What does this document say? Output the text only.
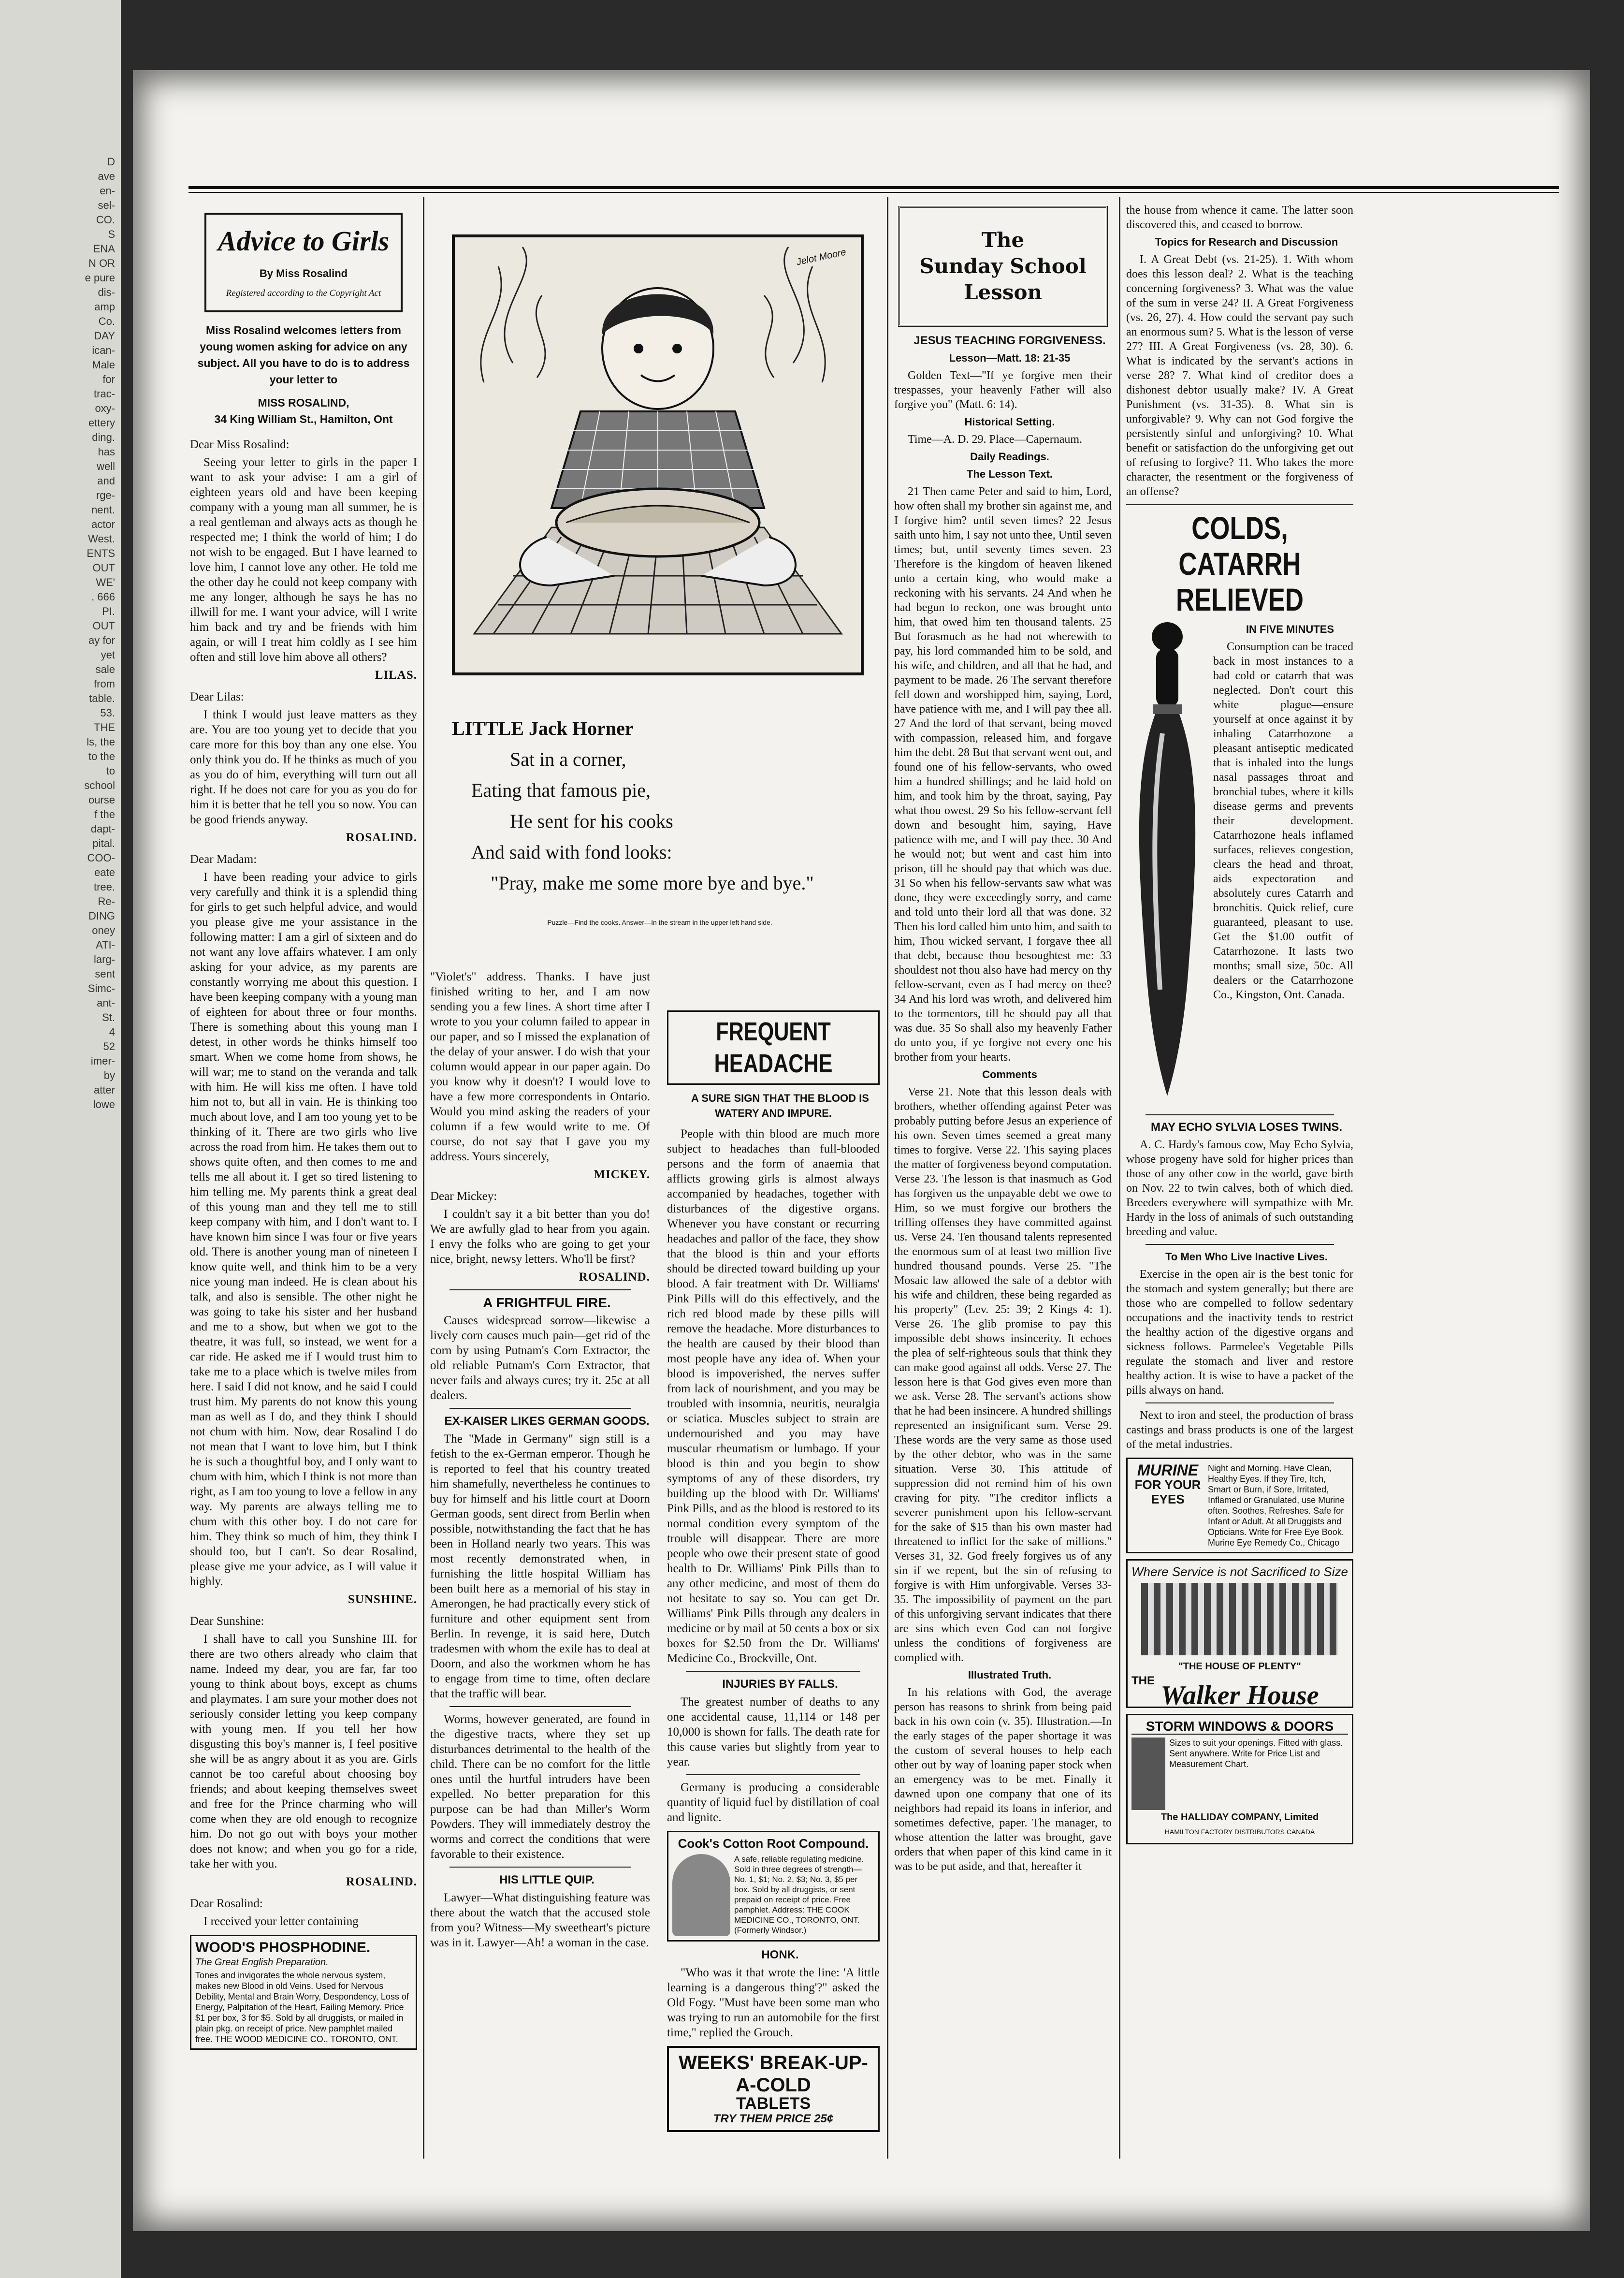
D
ave
en-
sel-
CO.
S
ENA
N OR
e pure
dis-
amp
Co.
DAY
ican-
Male
for
trac-
oxy-
ettery
ding.
has
well
and
rge-
nent.
actor
West.
ENTS
OUT
WE'
. 666
PI.
OUT
ay for
yet
sale
from
table.
53.
THE
ls, the
to the
to
school
ourse
f the
dapt-
pital.
COO-
eate
tree.
Re-
DING
oney
ATI-
larg-
sent
Simc-
ant-
St.
4
52
imer-
by
atter
lowe
Advice to Girls
By Miss Rosalind
Registered according to the Copyright Act
Miss Rosalind welcomes letters from young women asking for advice on any subject. All you have to do is to address your letter to
MISS ROSALIND,
34 King William St., Hamilton, Ont

Dear Miss Rosalind:

Seeing your letter to girls in the paper I want to ask your advise: I am a girl of eighteen years old and have been keeping company with a young man all summer, he is a real gentleman and always acts as though he respected me; I think the world of him; I do not wish to be engaged. But I have learned to love him, I cannot love any other. He told me the other day he could not keep company with me any longer, although he says he has no illwill for me. I want your advice, will I write him back and try and be friends with him again, or will I treat him coldly as I see him often and still love him above all others?

LILAS.

Dear Lilas:

I think I would just leave matters as they are. You are too young yet to decide that you care more for this boy than any one else. You only think you do. If he thinks as much of you as you do of him, everything will turn out all right. If he does not care for you as you do for him it is better that he tell you so now. You can be good friends anyway.

ROSALIND.

Dear Madam:

I have been reading your advice to girls very carefully and think it is a splendid thing for girls to get such helpful advice, and would you please give me your assistance in the following matter: I am a girl of sixteen and do not want any love affairs whatever. I am only asking for your advice, as my parents are constantly worrying me about this question. I have been keeping company with a young man of eighteen for about three or four months. There is something about this young man I detest, in other words he thinks himself too smart. When we come home from shows, he will war; me to stand on the veranda and talk with him. He will kiss me often. I have told him not to, but all in vain. He is thinking too much about love, and I am too young yet to be thinking of it. There are two girls who live across the road from him. He takes them out to shows quite often, and then comes to me and tells me all about it. I get so tired listening to him telling me. My parents think a great deal of this young man and they tell me to still keep company with him, and I don't want to. I have known him since I was four or five years old. There is another young man of nineteen I know quite well, and think him to be a very nice young man indeed. He is clean about his talk, and also is sensible. The other night he was going to take his sister and her husband and me to a show, but when we got to the theatre, it was full, so instead, we went for a car ride. He asked me if I would trust him to take me to a place which is twelve miles from here. I said I did not know, and he said I could trust him. My parents do not know this young man as well as I do, and they think I should not chum with him. Now, dear Rosalind I do not mean that I want to love him, but I think he is such a thoughtful boy, and I only want to chum with him, which I think is not more than right, as I am too young to love a fellow in any way. My parents are always telling me to chum with this other boy. I do not care for him. They think so much of him, they think I should too, but I can't. So dear Rosalind, please give me your advice, as I will value it highly.

SUNSHINE.

Dear Sunshine:

I shall have to call you Sunshine III. for there are two others already who claim that name. Indeed my dear, you are far, far too young to think about boys, except as chums and playmates. I am sure your mother does not seriously consider letting you keep company with young men. If you tell her how disgusting this boy's manner is, I feel positive she will be as angry about it as you are. Girls cannot be too careful about choosing boy friends; and about keeping themselves sweet and free for the Prince charming who will come when they are old enough to recognize him. Do not go out with boys your mother does not know; and when you go for a ride, take her with you.

ROSALIND.

Dear Rosalind:

I received your letter containing

WOOD'S PHOSPHODINE.
The Great English Preparation.
Tones and invigorates the whole nervous system, makes new Blood in old Veins. Used for Nervous Debility, Mental and Brain Worry, Despondency, Loss of Energy, Palpitation of the Heart, Failing Memory. Price $1 per box, 3 for $5. Sold by all druggists, or mailed in plain pkg. on receipt of price. New pamphlet mailed free. THE WOOD MEDICINE CO., TORONTO, ONT.
Jelot Moore
LITTLE Jack Horner
Sat in a corner,
Eating that famous pie,
He sent for his cooks
And said with fond looks:
"Pray, make me some more bye and bye."
Puzzle—Find the cooks. Answer—In the stream in the upper left hand side.

"Violet's" address. Thanks. I have just finished writing to her, and I am now sending you a few lines. A short time after I wrote to you your column failed to appear in our paper, and so I missed the explanation of the delay of your answer. I do wish that your column would appear in our paper again. Do you know why it doesn't? I would love to have a few more correspondents in Ontario. Would you mind asking the readers of your column if a few would write to me. Of course, do not say that I gave you my address. Yours sincerely,

MICKEY.

Dear Mickey:

I couldn't say it a bit better than you do! We are awfully glad to hear from you again. I envy the folks who are going to get your nice, bright, newsy letters. Who'll be first?

ROSALIND.

A FRIGHTFUL FIRE.

Causes widespread sorrow—likewise a lively corn causes much pain—get rid of the corn by using Putnam's Corn Extractor, the old reliable Putnam's Corn Extractor, that never fails and always cures; try it. 25c at all dealers.

EX-KAISER LIKES GERMAN GOODS.

The "Made in Germany" sign still is a fetish to the ex-German emperor. Though he is reported to feel that his country treated him shamefully, nevertheless he continues to buy for himself and his little court at Doorn German goods, sent direct from Berlin when possible, notwithstanding the fact that he has been in Holland nearly two years. This was most recently demonstrated when, in furnishing the little hospital William has been built here as a memorial of his stay in Amerongen, he had practically every stick of furniture and other equipment sent from Berlin. In revenge, it is said here, Dutch tradesmen with whom the exile has to deal at Doorn, and also the workmen whom he has to engage from time to time, often declare that the traffic will bear.

Worms, however generated, are found in the digestive tracts, where they set up disturbances detrimental to the health of the child. There can be no comfort for the little ones until the hurtful intruders have been expelled. No better preparation for this purpose can be had than Miller's Worm Powders. They will immediately destroy the worms and correct the conditions that were favorable to their existence.

HIS LITTLE QUIP.

Lawyer—What distinguishing feature was there about the watch that the accused stole from you? Witness—My sweetheart's picture was in it. Lawyer—Ah! a woman in the case.

FREQUENT HEADACHE

A SURE SIGN THAT THE BLOOD IS WATERY AND IMPURE.

People with thin blood are much more subject to headaches than full-blooded persons and the form of anaemia that afflicts growing girls is almost always accompanied by headaches, together with disturbances of the digestive organs. Whenever you have constant or recurring headaches and pallor of the face, they show that the blood is thin and your efforts should be directed toward building up your blood. A fair treatment with Dr. Williams' Pink Pills will do this effectively, and the rich red blood made by these pills will remove the headache. More disturbances to the health are caused by their blood than most people have any idea of. When your blood is impoverished, the nerves suffer from lack of nourishment, and you may be troubled with insomnia, neuritis, neuralgia or sciatica. Muscles subject to strain are undernourished and you may have muscular rheumatism or lumbago. If your blood is thin and you begin to show symptoms of any of these disorders, try building up the blood with Dr. Williams' Pink Pills, and as the blood is restored to its normal condition every symptom of the trouble will disappear. There are more people who owe their present state of good health to Dr. Williams' Pink Pills than to any other medicine, and most of them do not hesitate to say so. You can get Dr. Williams' Pink Pills through any dealers in medicine or by mail at 50 cents a box or six boxes for $2.50 from the Dr. Williams' Medicine Co., Brockville, Ont.

INJURIES BY FALLS.

The greatest number of deaths to any one accidental cause, 11,114 or 148 per 10,000 is shown for falls. The death rate for this cause varies but slightly from year to year.

Germany is producing a considerable quantity of liquid fuel by distillation of coal and lignite.

Cook's Cotton Root Compound.
A safe, reliable regulating medicine. Sold in three degrees of strength—No. 1, $1; No. 2, $3; No. 3, $5 per box. Sold by all druggists, or sent prepaid on receipt of price. Free pamphlet. Address: THE COOK MEDICINE CO., TORONTO, ONT. (Formerly Windsor.)

HONK.

"Who was it that wrote the line: 'A little learning is a dangerous thing'?" asked the Old Fogy. "Must have been some man who was trying to run an automobile for the first time," replied the Grouch.

WEEKS' BREAK-UP-A-COLD
TABLETS
TRY THEM PRICE 25¢
The
Sunday School
Lesson

JESUS TEACHING FORGIVENESS.

Lesson—Matt. 18: 21-35

Golden Text—"If ye forgive men their trespasses, your heavenly Father will also forgive you" (Matt. 6: 14).

Historical Setting.

Time—A. D. 29. Place—Capernaum.

Daily Readings.

The Lesson Text.

21 Then came Peter and said to him, Lord, how often shall my brother sin against me, and I forgive him? until seven times? 22 Jesus saith unto him, I say not unto thee, Until seven times; but, until seventy times seven. 23 Therefore is the kingdom of heaven likened unto a certain king, who would make a reckoning with his servants. 24 And when he had begun to reckon, one was brought unto him, that owed him ten thousand talents. 25 But forasmuch as he had not wherewith to pay, his lord commanded him to be sold, and his wife, and children, and all that he had, and payment to be made. 26 The servant therefore fell down and worshipped him, saying, Lord, have patience with me, and I will pay thee all. 27 And the lord of that servant, being moved with compassion, released him, and forgave him the debt. 28 But that servant went out, and found one of his fellow-servants, who owed him a hundred shillings; and he laid hold on him, and took him by the throat, saying, Pay what thou owest. 29 So his fellow-servant fell down and besought him, saying, Have patience with me, and I will pay thee. 30 And he would not; but went and cast him into prison, till he should pay that which was due. 31 So when his fellow-servants saw what was done, they were exceedingly sorry, and came and told unto their lord all that was done. 32 Then his lord called him unto him, and saith to him, Thou wicked servant, I forgave thee all that debt, because thou besoughtest me: 33 shouldest not thou also have had mercy on thy fellow-servant, even as I had mercy on thee? 34 And his lord was wroth, and delivered him to the tormentors, till he should pay all that was due. 35 So shall also my heavenly Father do unto you, if ye forgive not every one his brother from your hearts.

Comments

Verse 21. Note that this lesson deals with brothers, whether offending against Peter was probably putting before Jesus an experience of his own. Seven times seemed a great many times to forgive. Verse 22. This saying places the matter of forgiveness beyond computation. Verse 23. The lesson is that inasmuch as God has forgiven us the unpayable debt we owe to Him, so we must forgive our brothers the trifling offenses they have committed against us. Verse 24. Ten thousand talents represented the enormous sum of at least two million five hundred thousand pounds. Verse 25. "The Mosaic law allowed the sale of a debtor with his wife and children, these being regarded as his property" (Lev. 25: 39; 2 Kings 4: 1). Verse 26. The glib promise to pay this impossible debt shows insincerity. It echoes the plea of self-righteous souls that think they can make good against all odds. Verse 27. The lesson here is that God gives even more than we ask. Verse 28. The servant's actions show that he had been insincere. A hundred shillings represented an insignificant sum. Verse 29. These words are the very same as those used by the other debtor, who was in the same situation. Verse 30. This attitude of suppression did not remind him of his own craving for pity. "The creditor inflicts a severer punishment upon his fellow-servant for the sake of $15 than his own master had threatened to inflict for the sake of millions." Verses 31, 32. God freely forgives us of any sin if we repent, but the sin of refusing to forgive is with Him unforgivable. Verses 33-35. The impossibility of payment on the part of this unforgiving servant indicates that there are sins which even God can not forgive unless the conditions of forgiveness are complied with.

Illustrated Truth.

In his relations with God, the average person has reasons to shrink from being paid back in his own coin (v. 35). Illustration.—In the early stages of the paper shortage it was the custom of several houses to help each other out by way of loaning paper stock when an emergency was to be met. Finally it dawned upon one company that one of its neighbors had repaid its loans in inferior, and sometimes defective, paper. The manager, to whose attention the latter was brought, gave orders that when paper of this kind came in it was to be put aside, and that, hereafter it

the house from whence it came. The latter soon discovered this, and ceased to borrow.

Topics for Research and Discussion

I. A Great Debt (vs. 21-25). 1. With whom does this lesson deal? 2. What is the teaching concerning forgiveness? 3. What was the value of the sum in verse 24? II. A Great Forgiveness (vs. 26, 27). 4. How could the servant pay such an enormous sum? 5. What is the lesson of verse 27? III. A Great Forgiveness (vs. 28, 30). 6. What is indicated by the servant's actions in verse 28? 7. What kind of creditor does a dishonest debtor usually make? IV. A Great Punishment (vs. 31-35). 8. What sin is unforgivable? 9. Why can not God forgive the persistently sinful and unforgiving? 10. What benefit or satisfaction do the unforgiving get out of refusing to forgive? 11. Who takes the more character, the resentment or the forgiveness of an offense?

COLDS, CATARRH
RELIEVED

IN FIVE MINUTES

Consumption can be traced back in most instances to a bad cold or catarrh that was neglected. Don't court this white plague—ensure yourself at once against it by inhaling Catarrhozone a pleasant antiseptic medicated that is inhaled into the lungs nasal passages throat and bronchial tubes, where it kills disease germs and prevents their development. Catarrhozone heals inflamed surfaces, relieves congestion, clears the head and throat, aids expectoration and absolutely cures Catarrh and bronchitis. Quick relief, cure guaranteed, pleasant to use. Get the $1.00 outfit of Catarrhozone. It lasts two months; small size, 50c. All dealers or the Catarrhozone Co., Kingston, Ont. Canada.

MAY ECHO SYLVIA LOSES TWINS.

A. C. Hardy's famous cow, May Echo Sylvia, whose progeny have sold for higher prices than those of any other cow in the world, gave birth on Nov. 22 to twin calves, both of which died. Breeders everywhere will sympathize with Mr. Hardy in the loss of animals of such outstanding breeding and value.

To Men Who Live Inactive Lives.

Exercise in the open air is the best tonic for the stomach and system generally; but there are those who are compelled to follow sedentary occupations and the inactivity tends to restrict the healthy action of the digestive organs and sickness follows. Parmelee's Vegetable Pills regulate the stomach and liver and restore healthy action. It is wise to have a packet of the pills always on hand.

Next to iron and steel, the production of brass castings and brass products is one of the largest of the metal industries.

MURINE
FOR YOUR EYES
Night and Morning. Have Clean, Healthy Eyes. If they Tire, Itch, Smart or Burn, if Sore, Irritated, Inflamed or Granulated, use Murine often. Soothes, Refreshes. Safe for Infant or Adult. At all Druggists and Opticians. Write for Free Eye Book. Murine Eye Remedy Co., Chicago
Where Service is not Sacrificed to Size
"THE HOUSE OF PLENTY"
THE Walker House
STORM WINDOWS & DOORS
Sizes to suit your openings. Fitted with glass. Sent anywhere. Write for Price List and Measurement Chart.
The HALLIDAY COMPANY, Limited
HAMILTON FACTORY DISTRIBUTORS CANADA
